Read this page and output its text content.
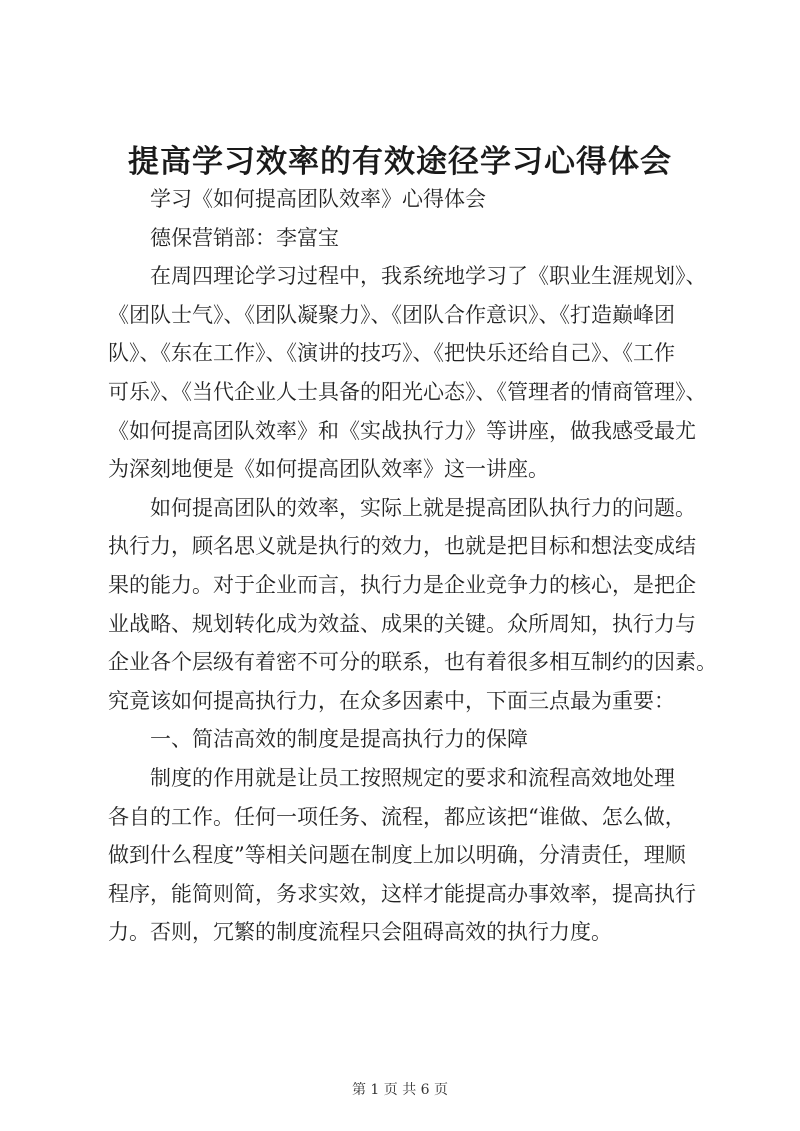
提高学习效率的有效途径学习心得体会
学习《如何提高团队效率》心得体会
德保营销部：李富宝
在周四理论学习过程中，我系统地学习了《职业生涯规划》、
《团队士气》、《团队凝聚力》、《团队合作意识》、《打造巅峰团
队》、《东在工作》、《演讲的技巧》、《把快乐还给自己》、《工作
可乐》、《当代企业人士具备的阳光心态》、《管理者的情商管理》、
《如何提高团队效率》和《实战执行力》等讲座，做我感受最尤
为深刻地便是《如何提高团队效率》这一讲座。
如何提高团队的效率，实际上就是提高团队执行力的问题。
执行力，顾名思义就是执行的效力，也就是把目标和想法变成结
果的能力。对于企业而言，执行力是企业竞争力的核心，是把企
业战略、规划转化成为效益、成果的关键。众所周知，执行力与
企业各个层级有着密不可分的联系，也有着很多相互制约的因素。
究竟该如何提高执行力，在众多因素中，下面三点最为重要：
一、简洁高效的制度是提高执行力的保障
制度的作用就是让员工按照规定的要求和流程高效地处理
各自的工作。任何一项任务、流程，都应该把“谁做、怎么做，
做到什么程度”等相关问题在制度上加以明确，分清责任，理顺
程序，能简则简，务求实效，这样才能提高办事效率，提高执行
力。否则，冗繁的制度流程只会阻碍高效的执行力度。
第 1 页 共 6 页
